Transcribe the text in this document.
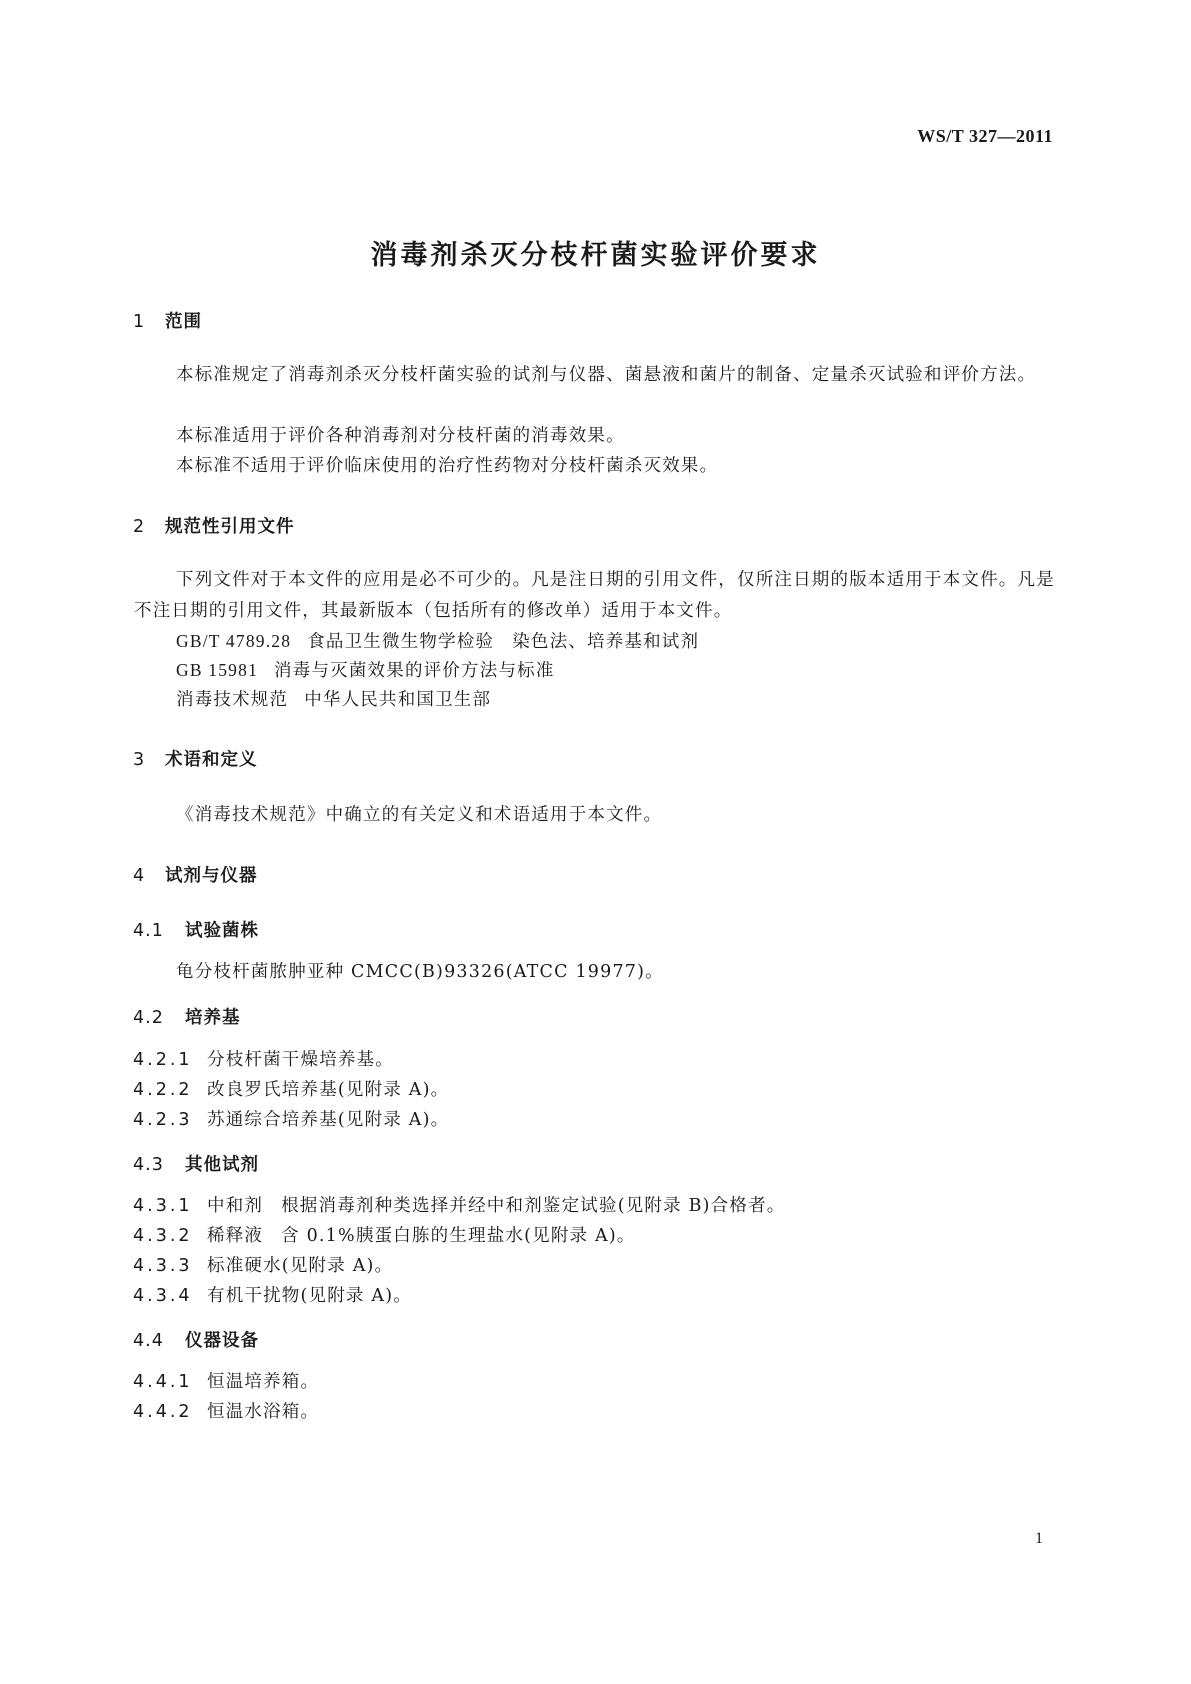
WS/T 327—2011
消毒剂杀灭分枝杆菌实验评价要求
1 范围
本标准规定了消毒剂杀灭分枝杆菌实验的试剂与仪器、菌悬液和菌片的制备、定量杀灭试验和评价方法。
本标准适用于评价各种消毒剂对分枝杆菌的消毒效果。
本标准不适用于评价临床使用的治疗性药物对分枝杆菌杀灭效果。
2 规范性引用文件
下列文件对于本文件的应用是必不可少的。凡是注日期的引用文件，仅所注日期的版本适用于本文件。凡是不注日期的引用文件，其最新版本（包括所有的修改单）适用于本文件。
GB/T 4789.28 食品卫生微生物学检验 染色法、培养基和试剂
GB 15981 消毒与灭菌效果的评价方法与标准
消毒技术规范 中华人民共和国卫生部
3 术语和定义
《消毒技术规范》中确立的有关定义和术语适用于本文件。
4 试剂与仪器
4.1 试验菌株
龟分枝杆菌脓肿亚种 CMCC(B)93326(ATCC 19977)。
4.2 培养基
4.2.1 分枝杆菌干燥培养基。
4.2.2 改良罗氏培养基(见附录 A)。
4.2.3 苏通综合培养基(见附录 A)。
4.3 其他试剂
4.3.1 中和剂 根据消毒剂种类选择并经中和剂鉴定试验(见附录 B)合格者。
4.3.2 稀释液 含 0.1%胰蛋白胨的生理盐水(见附录 A)。
4.3.3 标准硬水(见附录 A)。
4.3.4 有机干扰物(见附录 A)。
4.4 仪器设备
4.4.1 恒温培养箱。
4.4.2 恒温水浴箱。
1
